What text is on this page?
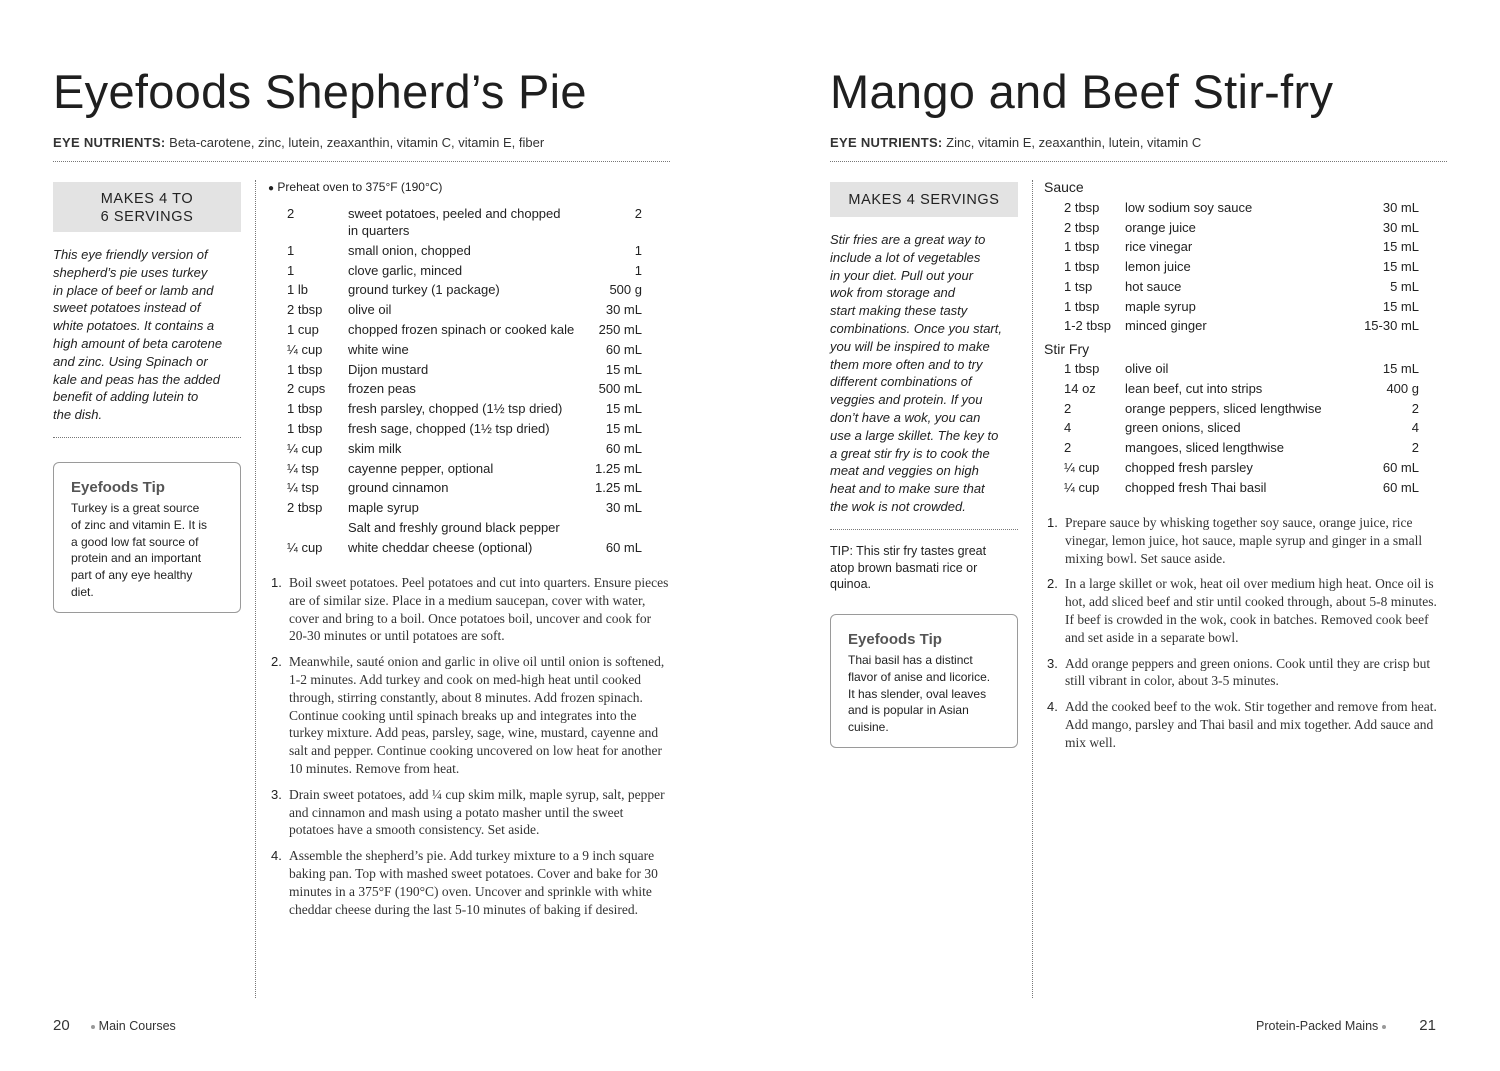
Eyefoods Shepherd’s Pie
EYE NUTRIENTS: Beta-carotene, zinc, lutein, zeaxanthin, vitamin C, vitamin E, fiber
MAKES 4 TO
6 SERVINGS
This eye friendly version of
shepherd’s pie uses turkey
in place of beef or lamb and
sweet potatoes instead of
white potatoes. It contains a
high amount of beta carotene
and zinc. Using Spinach or
kale and peas has the added
benefit of adding lutein to
the dish.
Eyefoods Tip
Turkey is a great source
of zinc and vitamin E. It is
a good low fat source of
protein and an important
part of any eye healthy
diet.
● Preheat oven to 375°F (190°C)
2	sweet potatoes, peeled and chopped	2
in quarters
1	small onion, chopped	1
1	clove garlic, minced	1
1 lb	ground turkey (1 package)	500 g
2 tbsp olive oil	30 mL
1 cup chopped frozen spinach or cooked kale	250 mL
¼ cup white wine	60 mL
1 tbsp Dijon mustard	15 mL
2 cups frozen peas	500 mL
1 tbsp fresh parsley, chopped (1½ tsp dried)	15 mL
1 tbsp fresh sage, chopped (1½ tsp dried)	15 mL
¼ cup skim milk	60 mL
¼ tsp cayenne pepper, optional	1.25 mL
¼ tsp ground cinnamon	1.25 mL
2 tbsp maple syrup	30 mL
Salt and freshly ground black pepper
¼ cup white cheddar cheese (optional)	60 mL
1. Boil sweet potatoes. Peel potatoes and cut into quarters. Ensure pieces are of similar size. Place in a medium saucepan, cover with water, cover and bring to a boil. Once potatoes boil, uncover and cook for 20-30 minutes or until potatoes are soft.
2. Meanwhile, sauté onion and garlic in olive oil until onion is softened, 1-2 minutes. Add turkey and cook on med-high heat until cooked through, stirring constantly, about 8 minutes. Add frozen spinach. Continue cooking until spinach breaks up and integrates into the turkey mixture. Add peas, parsley, sage, wine, mustard, cayenne and salt and pepper. Continue cooking uncovered on low heat for another 10 minutes. Remove from heat.
3. Drain sweet potatoes, add ¼ cup skim milk, maple syrup, salt, pepper and cinnamon and mash using a potato masher until the sweet potatoes have a smooth consistency. Set aside.
4. Assemble the shepherd’s pie. Add turkey mixture to a 9 inch square baking pan. Top with mashed sweet potatoes. Cover and bake for 30 minutes in a 375°F (190°C) oven. Uncover and sprinkle with white cheddar cheese during the last 5-10 minutes of baking if desired.
20 Main Courses
Mango and Beef Stir-fry
EYE NUTRIENTS: Zinc, vitamin E, zeaxanthin, lutein, vitamin C
MAKES 4 SERVINGS
Stir fries are a great way to
include a lot of vegetables
in your diet. Pull out your
wok from storage and
start making these tasty
combinations. Once you start,
you will be inspired to make
them more often and to try
different combinations of
veggies and protein. If you
don’t have a wok, you can
use a large skillet. The key to
a great stir fry is to cook the
meat and veggies on high
heat and to make sure that
the wok is not crowded.
TIP: This stir fry tastes great
atop brown basmati rice or
quinoa.
Eyefoods Tip
Thai basil has a distinct
flavor of anise and licorice.
It has slender, oval leaves
and is popular in Asian
cuisine.
Sauce
2 tbsp low sodium soy sauce	30 mL
2 tbsp orange juice	30 mL
1 tbsp rice vinegar	15 mL
1 tbsp lemon juice	15 mL
1 tsp	hot sauce	5 mL
1 tbsp maple syrup	15 mL
1-2 tbsp minced ginger	15-30 mL
Stir Fry
1 tbsp olive oil	15 mL
14 oz lean beef, cut into strips	400 g
2	orange peppers, sliced lengthwise	2
4	green onions, sliced	4
2	mangoes, sliced lengthwise	2
¼ cup chopped fresh parsley	60 mL
¼ cup chopped fresh Thai basil	60 mL
1. Prepare sauce by whisking together soy sauce, orange juice, rice vinegar, lemon juice, hot sauce, maple syrup and ginger in a small mixing bowl. Set sauce aside.
2. In a large skillet or wok, heat oil over medium high heat. Once oil is hot, add sliced beef and stir until cooked through, about 5-8 minutes. If beef is crowded in the wok, cook in batches. Removed cook beef and set aside in a separate bowl.
3. Add orange peppers and green onions. Cook until they are crisp but still vibrant in color, about 3-5 minutes.
4. Add the cooked beef to the wok. Stir together and remove from heat. Add mango, parsley and Thai basil and mix together. Add sauce and mix well.
Protein-Packed Mains	21
